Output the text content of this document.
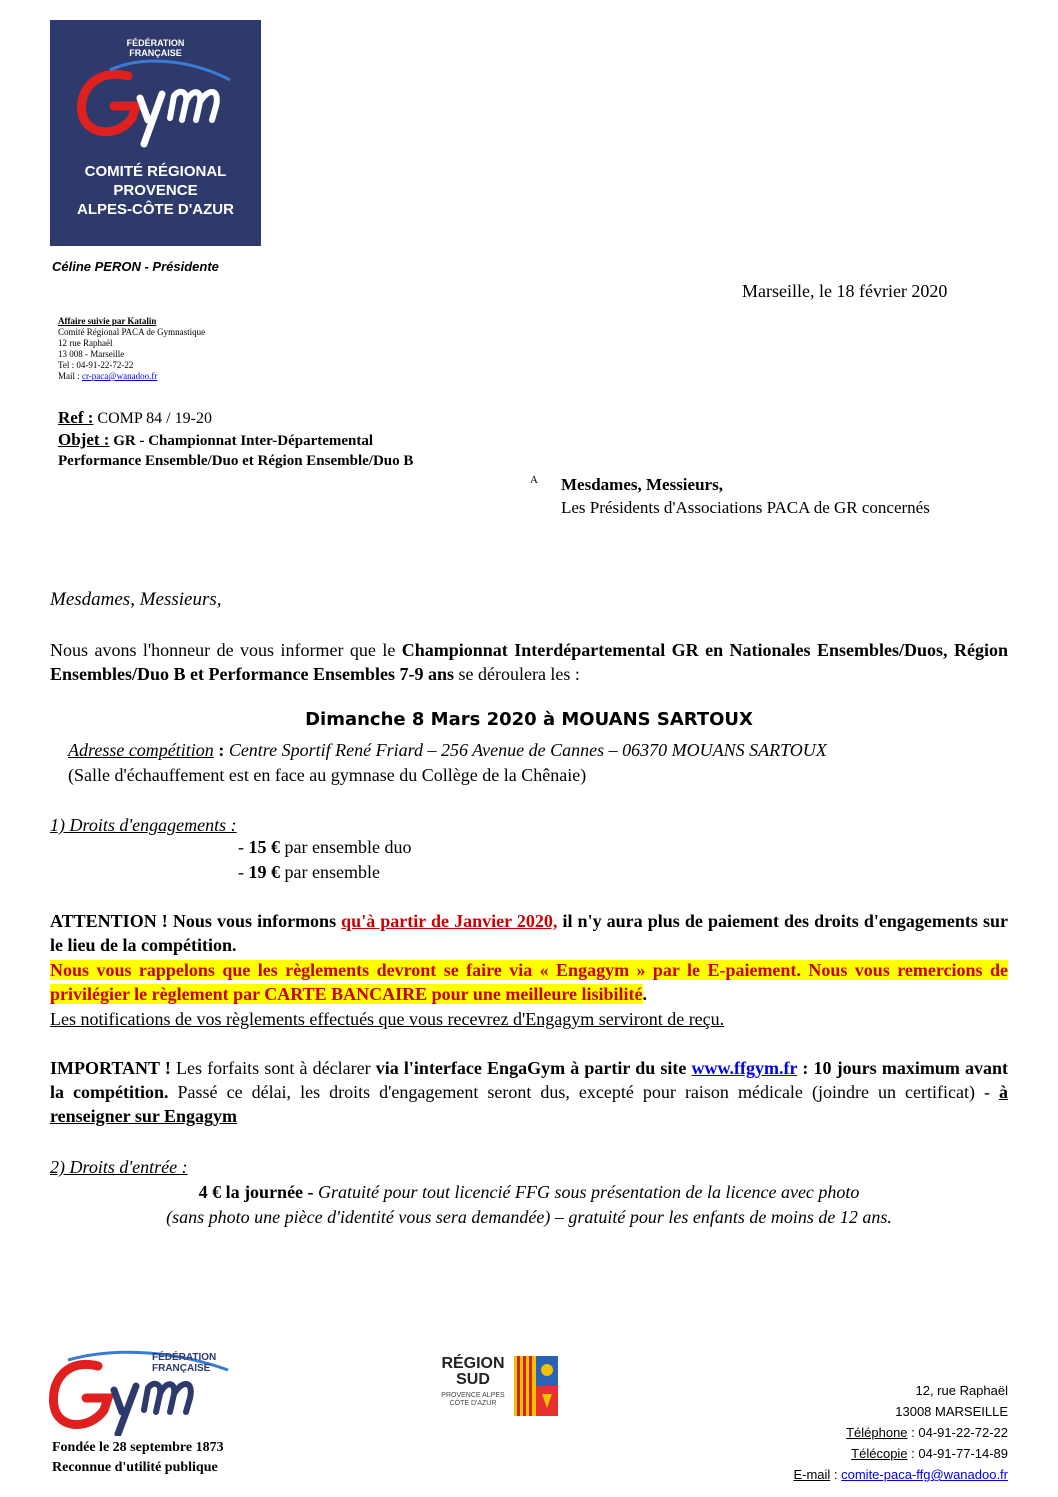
FÉDÉRATION
FRANÇAISE
COMITÉ RÉGIONAL
PROVENCE
ALPES-CÔTE D'AZUR
Céline PERON - Présidente
Marseille, le 18 février 2020
Affaire suivie par Katalin
Comité Régional PACA de Gymnastique
12 rue Raphaël
13 008 - Marseille
Tel : 04-91-22-72-22
Mail : cr-paca@wanadoo.fr
Ref : COMP 84 / 19-20
Objet : GR - Championnat Inter-Départemental
Performance Ensemble/Duo et Région Ensemble/Duo B
A Mesdames, Messieurs,
Les Présidents d'Associations PACA de GR concernés
Mesdames, Messieurs,
Nous avons l'honneur de vous informer que le Championnat Interdépartemental GR en Nationales Ensembles/Duos, Région Ensembles/Duo B et Performance Ensembles 7-9 ans se déroulera les :
Dimanche 8 Mars 2020 à MOUANS SARTOUX
Adresse compétition : Centre Sportif René Friard – 256 Avenue de Cannes – 06370 MOUANS SARTOUX
(Salle d'échauffement est en face au gymnase du Collège de la Chênaie)
1) Droits d'engagements :
- 15 € par ensemble duo
- 19 € par ensemble
ATTENTION ! Nous vous informons qu'à partir de Janvier 2020, il n'y aura plus de paiement des droits d'engagements sur le lieu de la compétition.
Nous vous rappelons que les règlements devront se faire via « Engagym » par le E-paiement. Nous vous remercions de privilégier le règlement par CARTE BANCAIRE pour une meilleure lisibilité.
Les notifications de vos règlements effectués que vous recevrez d'Engagym serviront de reçu.
IMPORTANT ! Les forfaits sont à déclarer via l'interface EngaGym à partir du site www.ffgym.fr : 10 jours maximum avant la compétition. Passé ce délai, les droits d'engagement seront dus, excepté pour raison médicale (joindre un certificat) - à renseigner sur Engagym
2) Droits d'entrée :
4 € la journée - Gratuité pour tout licencié FFG sous présentation de la licence avec photo
(sans photo une pièce d'identité vous sera demandée) – gratuité pour les enfants de moins de 12 ans.
FÉDÉRATION
FRANÇAISE
Fondée le 28 septembre 1873
Reconnue d'utilité publique
RÉGION SUD
PROVENCE ALPES CÔTE D'AZUR
12, rue Raphaël
13008 MARSEILLE
Téléphone : 04-91-22-72-22
Télécopie : 04-91-77-14-89
E-mail : comite-paca-ffg@wanadoo.fr
